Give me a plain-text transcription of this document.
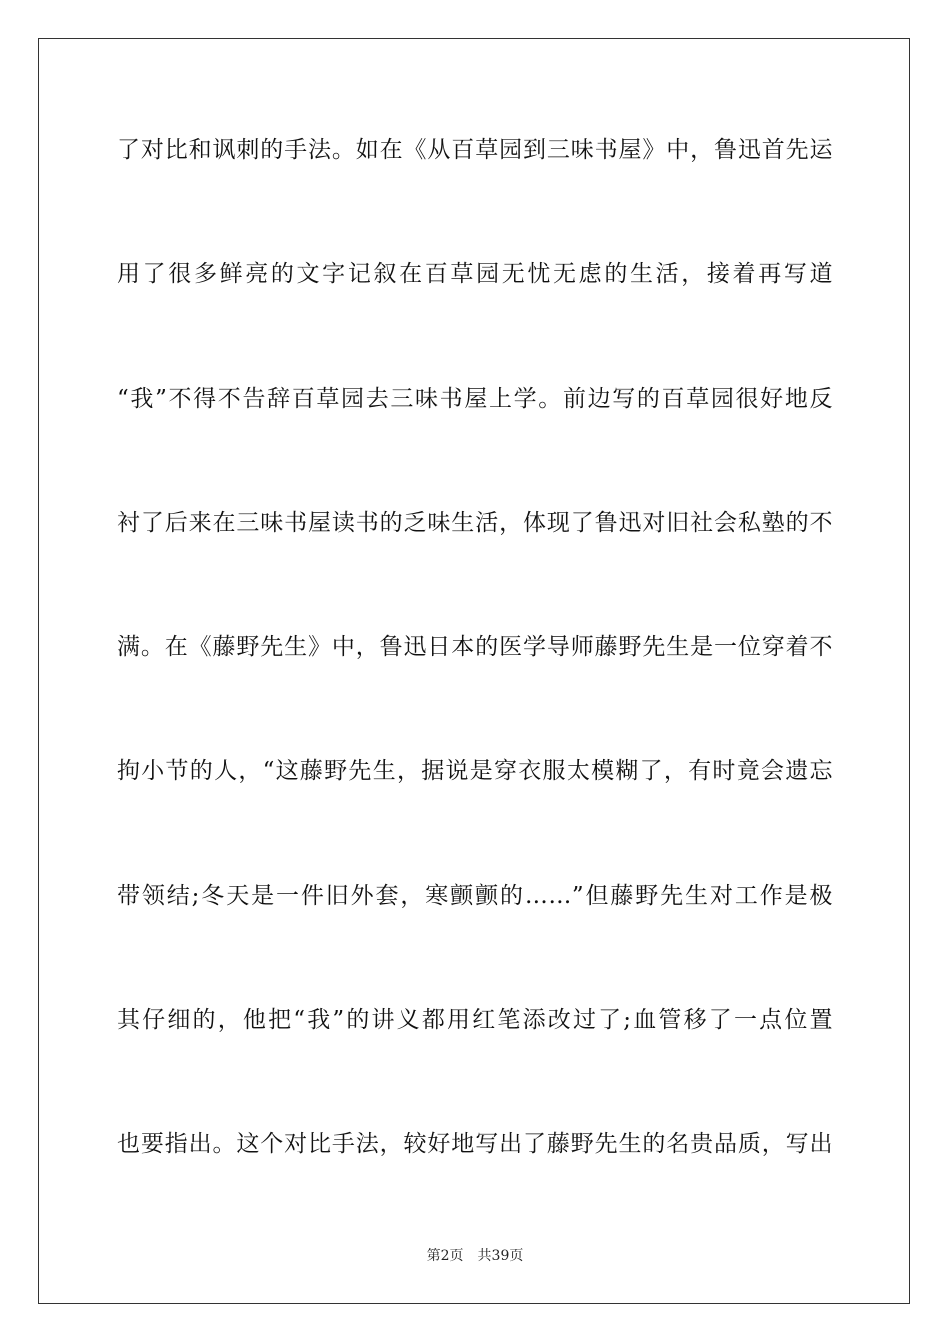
了对比和讽刺的手法。如在《从百草园到三味书屋》中，鲁迅首先运
用了很多鲜亮的文字记叙在百草园无忧无虑的生活，接着再写道
“我”不得不告辞百草园去三味书屋上学。前边写的百草园很好地反
衬了后来在三味书屋读书的乏味生活，体现了鲁迅对旧社会私塾的不
满。在《藤野先生》中，鲁迅日本的医学导师藤野先生是一位穿着不
拘小节的人，“这藤野先生，据说是穿衣服太模糊了，有时竟会遗忘
带领结;冬天是一件旧外套，寒颤颤的……”但藤野先生对工作是极
其仔细的，他把“我”的讲义都用红笔添改过了;血管移了一点位置
也要指出。这个对比手法，较好地写出了藤野先生的名贵品质，写出
第2页 共39页
